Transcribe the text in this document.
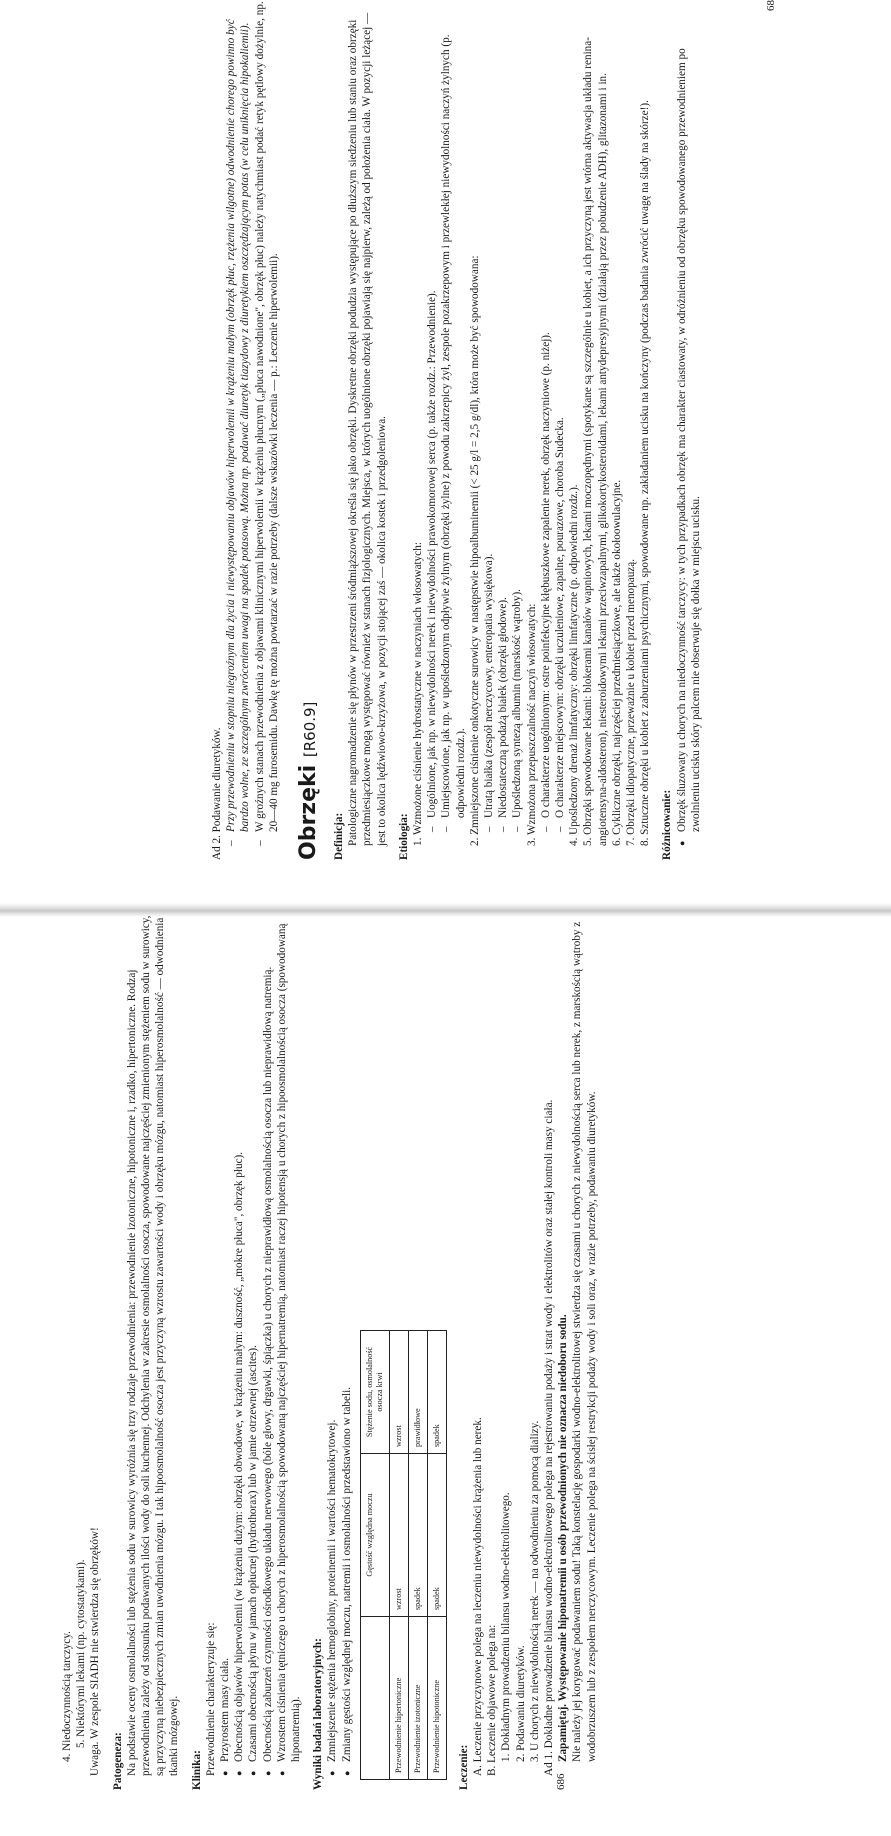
4. Niedoczynnością tarczycy. 5. Niektórymi lekami (np. cytostatykami). Uwaga. W zespole SIADH nie stwierdza się obrzęków! Patogeneza: Na podstawie oceny osmolalności lub stężenia sodu w surowicy wyróżnia się trzy rodzaje przewodnienia: przewodnienie izotoniczne, hipotoniczne i, rzadko, hipertoniczne. Rodzaj przewodnienia zależy od stosunku podawanych ilości wody do soli kuchennej. Odchylenia w zakresie osmolalności osocza, spowodowane najczęściej zmienionym stężeniem sodu w surowicy, są przyczyną niebezpiecznych zmian uwodnienia mózgu. I tak hipoosmolalność osocza jest przyczyną wzrostu zawartości wody i obrzęku mózgu, natomiast hiperosmolalność — odwodnienia tkanki mózgowej. Klinika: Przewodnienie charakteryzuje się: ● Przyrostem masy ciała. ● Obecnością objawów hiperwolemii (w krążeniu dużym: obrzęki obwodowe, w krążeniu małym: duszność, „mokre płuca", obrzęk płuc). ● Czasami obecnością płynu w jamach opłucnej (hydrothorax) lub w jamie otrzewnej (ascites). ● Obecnością zaburzeń czynności ośrodkowego układu nerwowego (bóle głowy, drgawki, śpiączka) u chorych z nieprawidłową osmolalnością osocza lub nieprawidłową natremią. ● Wzrostem ciśnienia tętniczego u chorych z hiperosmolalnością spowodowaną najczęściej hipernatremią, natomiast raczej hipotensją u chorych z hipoosmolalnością osocza (spowodowaną hiponatremią). Wyniki badań laboratoryjnych: ● Zmniejszenie stężenia hemoglobiny, proteinemii i wartości hematokrytowej. ● Zmiany gęstości względnej moczu, natremii i osmolalności przedstawiono w tabeli.
	Gęstość względna moczu	Stężenie sodu, osmolalność osocza krwi
Przewodnienie hipertoniczne	wzrost	wzrost
Przewodnienie izotoniczne	spadek	prawidłowe
Przewodnienie hipotoniczne	spadek	spadek
Leczenie: A. Leczenie przyczynowe polega na leczeniu niewydolności krążenia lub nerek. B. Leczenie objawowe polega na: 1. Dokładnym prowadzeniu bilansu wodno-elektrolitowego. 2. Podawaniu diuretyków. 3. U chorych z niewydolnością nerek — na odwodnieniu za pomocą dializy. Ad 1. Dokładne prowadzenie bilansu wodno-elektrolitowego polega na rejestrowaniu podaży i strat wody i elektrolitów oraz stałej kontroli masy ciała. Zapamiętaj. Występowanie hiponatremii u osób przewodnionych nie oznacza niedoboru sodu. Nie należy jej korygować podawaniem sodu! Taką konstelację gospodarki wodno-elektrolitowej stwierdza się czasami u chorych z niewydolnością serca lub nerek, z marskością wątroby z wodobrzuszem lub z zespołem nerczycowym. Leczenie polega na ścisłej restrykcji podaży wody i soli oraz, w razie potrzeby, podawaniu diuretyków.
686
Ad 2. Podawanie diuretyków. – Przy przewodnieniu w stopniu niegroźnym dla życia i niewystępowaniu objawów hiperwolemii w krążeniu małym (obrzęk płuc, rzężenia wilgotne) odwodnienie chorego powinno być bardzo wolne, ze szczególnym zwróceniem uwagi na spadek potasową. Można np. podawać diuretyk tiazydowy z diuretykiem oszczędzającym potas (w celu uniknięcia hipokaliemii). – W groźnych stanach przewodnienia z objawami klinicznymi hiperwolemii w krążeniu płucnym („płuca nawodnione", obrzęk płuc) należy natychmiast podać retyk pętlowy dożylnie, np. 20—40 mg furosemidu. Dawkę tę można powtarzać w razie potrzeby (dalsze wskazówki leczenia — p.: Leczenie hiperwolemii). Obrzęki [R60.9]
Definicja: Patologiczne nagromadzenie się płynów w przestrzeni śródmiąższowej określa się jako obrzęki. Dyskretne obrzęki podudzia występujące po dłuższym siedzeniu lub staniu oraz obrzęki przedmiesiączkowe mogą występować również w stanach fizjologicznych. Miejsca, w których uogólnione obrzęki pojawiają się najpierw, zależą od położenia ciała. W pozycji leżącej — jest to okolica lędźwiowo-krzyżowa, w pozycji stojącej zaś — okolica kostek i przedgoleniowa. Etiologia: 1. Wzmożone ciśnienie hydrostatyczne w naczyniach włosowatych: – Uogólnione, jak np. w niewydolności nerek i niewydolności prawokomorowej serca (p. także rozdz.: Przewodnienie). – Umiejscowione, jak np. w upośledzonym odpływie żylnym (obrzęki żylne) z powodu zakrzepicy żył, zespole pozakrzepowym i przewlekłej niewydolności naczyń żylnych (p. odpowiedni rozdz.). 2. Zmniejszone ciśnienie onkotyczne surowicy w następstwie hipoalbuminemii (< 25 g/l = 2,5 g/dl), która może być spowodowana: – Utratą białka (zespół nerczycowy, enteropatia wysiękowa). – Niedostateczną podażą białek (obrzęki głodowe). – Upośledzoną syntezą albumin (marskość wątroby). 3. Wzmożona przepuszczalność naczyń włosowatych: – O charakterze uogólnionym: ostre poinfekcyjne kłębuszkowe zapalenie nerek, obrzęk naczyniowe (p. niżej). – O charakterze miejscowym: obrzęki uczuleniowe, zapalne, pourazowe, choroba Sudecka. 4. Upośledzony drenaż limfatyczny: obrzęki limfatyczne (p. odpowiedni rozdz.). 5. Obrzęki spowodowane lekami: blokerami kanałów wapniowych, lekami moczopędnymi (spotykane są szczególnie u kobiet, a ich przyczyną jest wtórna aktywacja układu renina-angiotensyna-aldosteron), niesteroidowymi lekami przeciwzapalnymi, glikokortykosteroidami, lekami antydepresyjnymi (działają przez pobudzenie ADH), glitazonami i in. 6. Cykliczne obrzęki, najczęściej przedmiesiączkowe, ale także okołoowulacyjne. 7. Obrzęki idiopatyczne, przeważnie u kobiet przed menopauzą. 8. Sztuczne obrzęki u kobiet z zaburzeniami psychicznymi, spowodowane np. zakładaniem ucisku na kończyny (podczas badania zwrócić uwagę na ślady na skórze!). Różnicowanie: ● Obrzęk śluzowaty u chorych na niedoczynność tarczycy: w tych przypadkach obrzęk ma charakter ciastowaty, w odróżnieniu od obrzęku spowodowanego przewodnieniem po zwolnieniu ucisku skóry palcem nie obserwuje się dołka w miejscu ucisku.
68
